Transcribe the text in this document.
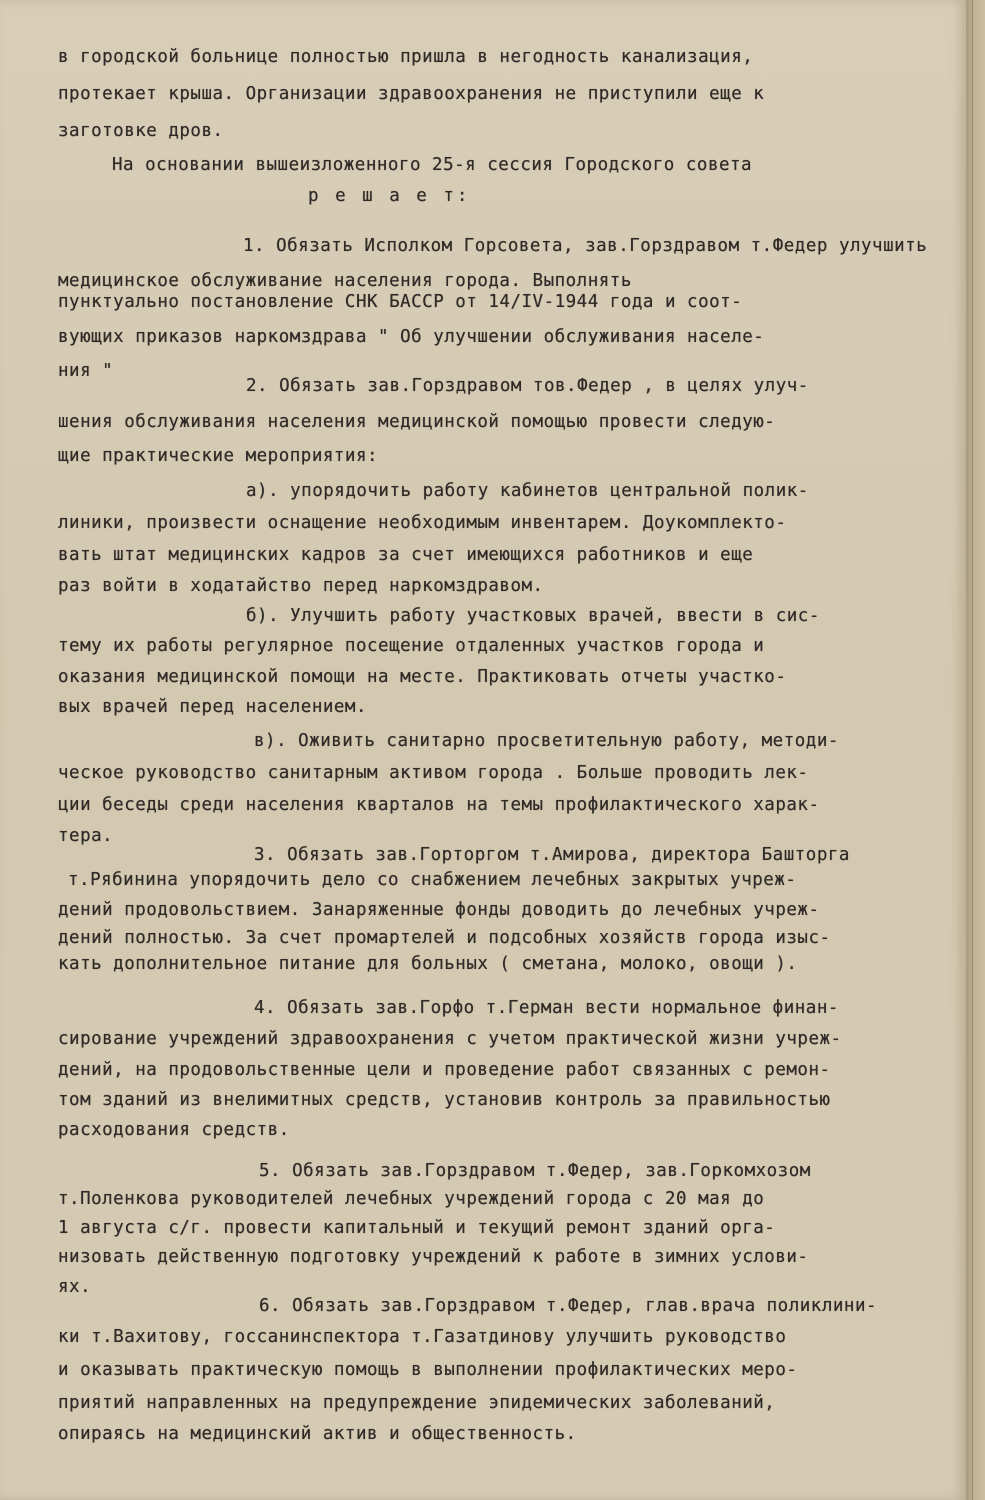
в городской больнице полностью пришла в негодность канализация,
протекает крыша. Организации здравоохранения не приступили еще к
заготовке дров.
На основании вышеизложенного 25-я сессия Городского совета
р е ш а е т:
1. Обязать Исполком Горсовета, зав.Горздравом т.Федер улучшить медицинское обслуживание населения города. Выполнять
пунктуально постановление СНК БАССР от 14/IV-1944 года и соот-
вующих приказов наркомздрава " Об улучшении обслуживания населе-
ния "
2. Обязать зав.Горздравом тов.Федер , в целях улуч-
шения обслуживания населения медицинской помощью провести следую-
щие практические мероприятия:
а). упорядочить работу кабинетов центральной полик-
линики, произвести оснащение необходимым инвентарем. Доукомплекто-
вать штат медицинских кадров за счет имеющихся работников и еще
раз войти в ходатайство перед наркомздравом.
б). Улучшить работу участковых врачей, ввести в сис-
тему их работы регулярное посещение отдаленных участков города и
оказания медицинской помощи на месте. Практиковать отчеты участко-
вых врачей перед населением.
в). Оживить санитарно просветительную работу, методи-
ческое руководство санитарным активом города . Больше проводить лек-
ции беседы среди населения кварталов на темы профилактического харак-
тера.
3. Обязать зав.Горторгом т.Амирова, директора Башторга
т.Рябинина упорядочить дело со снабжением лечебных закрытых учреж-
дений продовольствием. Занаряженные фонды доводить до лечебных учреж-
дений полностью. За счет промартелей и подсобных хозяйств города изыс-
кать дополнительное питание для больных ( сметана, молоко, овощи ).
4. Обязать зав.Горфо т.Герман вести нормальное финан-
сирование учреждений здравоохранения с учетом практической жизни учреж-
дений, на продовольственные цели и проведение работ связанных с ремон-
том зданий из внелимитных средств, установив контроль за правильностью
расходования средств.
5. Обязать зав.Горздравом т.Федер, зав.Горкомхозом
т.Поленкова руководителей лечебных учреждений города с 20 мая до
1 августа с/г. провести капитальный и текущий ремонт зданий орга-
низовать действенную подготовку учреждений к работе в зимних услови-
ях.
6. Обязать зав.Горздравом т.Федер, глав.врача поликлини-
ки т.Вахитову, госсанинспектора т.Газатдинову улучшить руководство
и оказывать практическую помощь в выполнении профилактических меро-
приятий направленных на предупреждение эпидемических заболеваний,
опираясь на медицинский актив и общественность.
